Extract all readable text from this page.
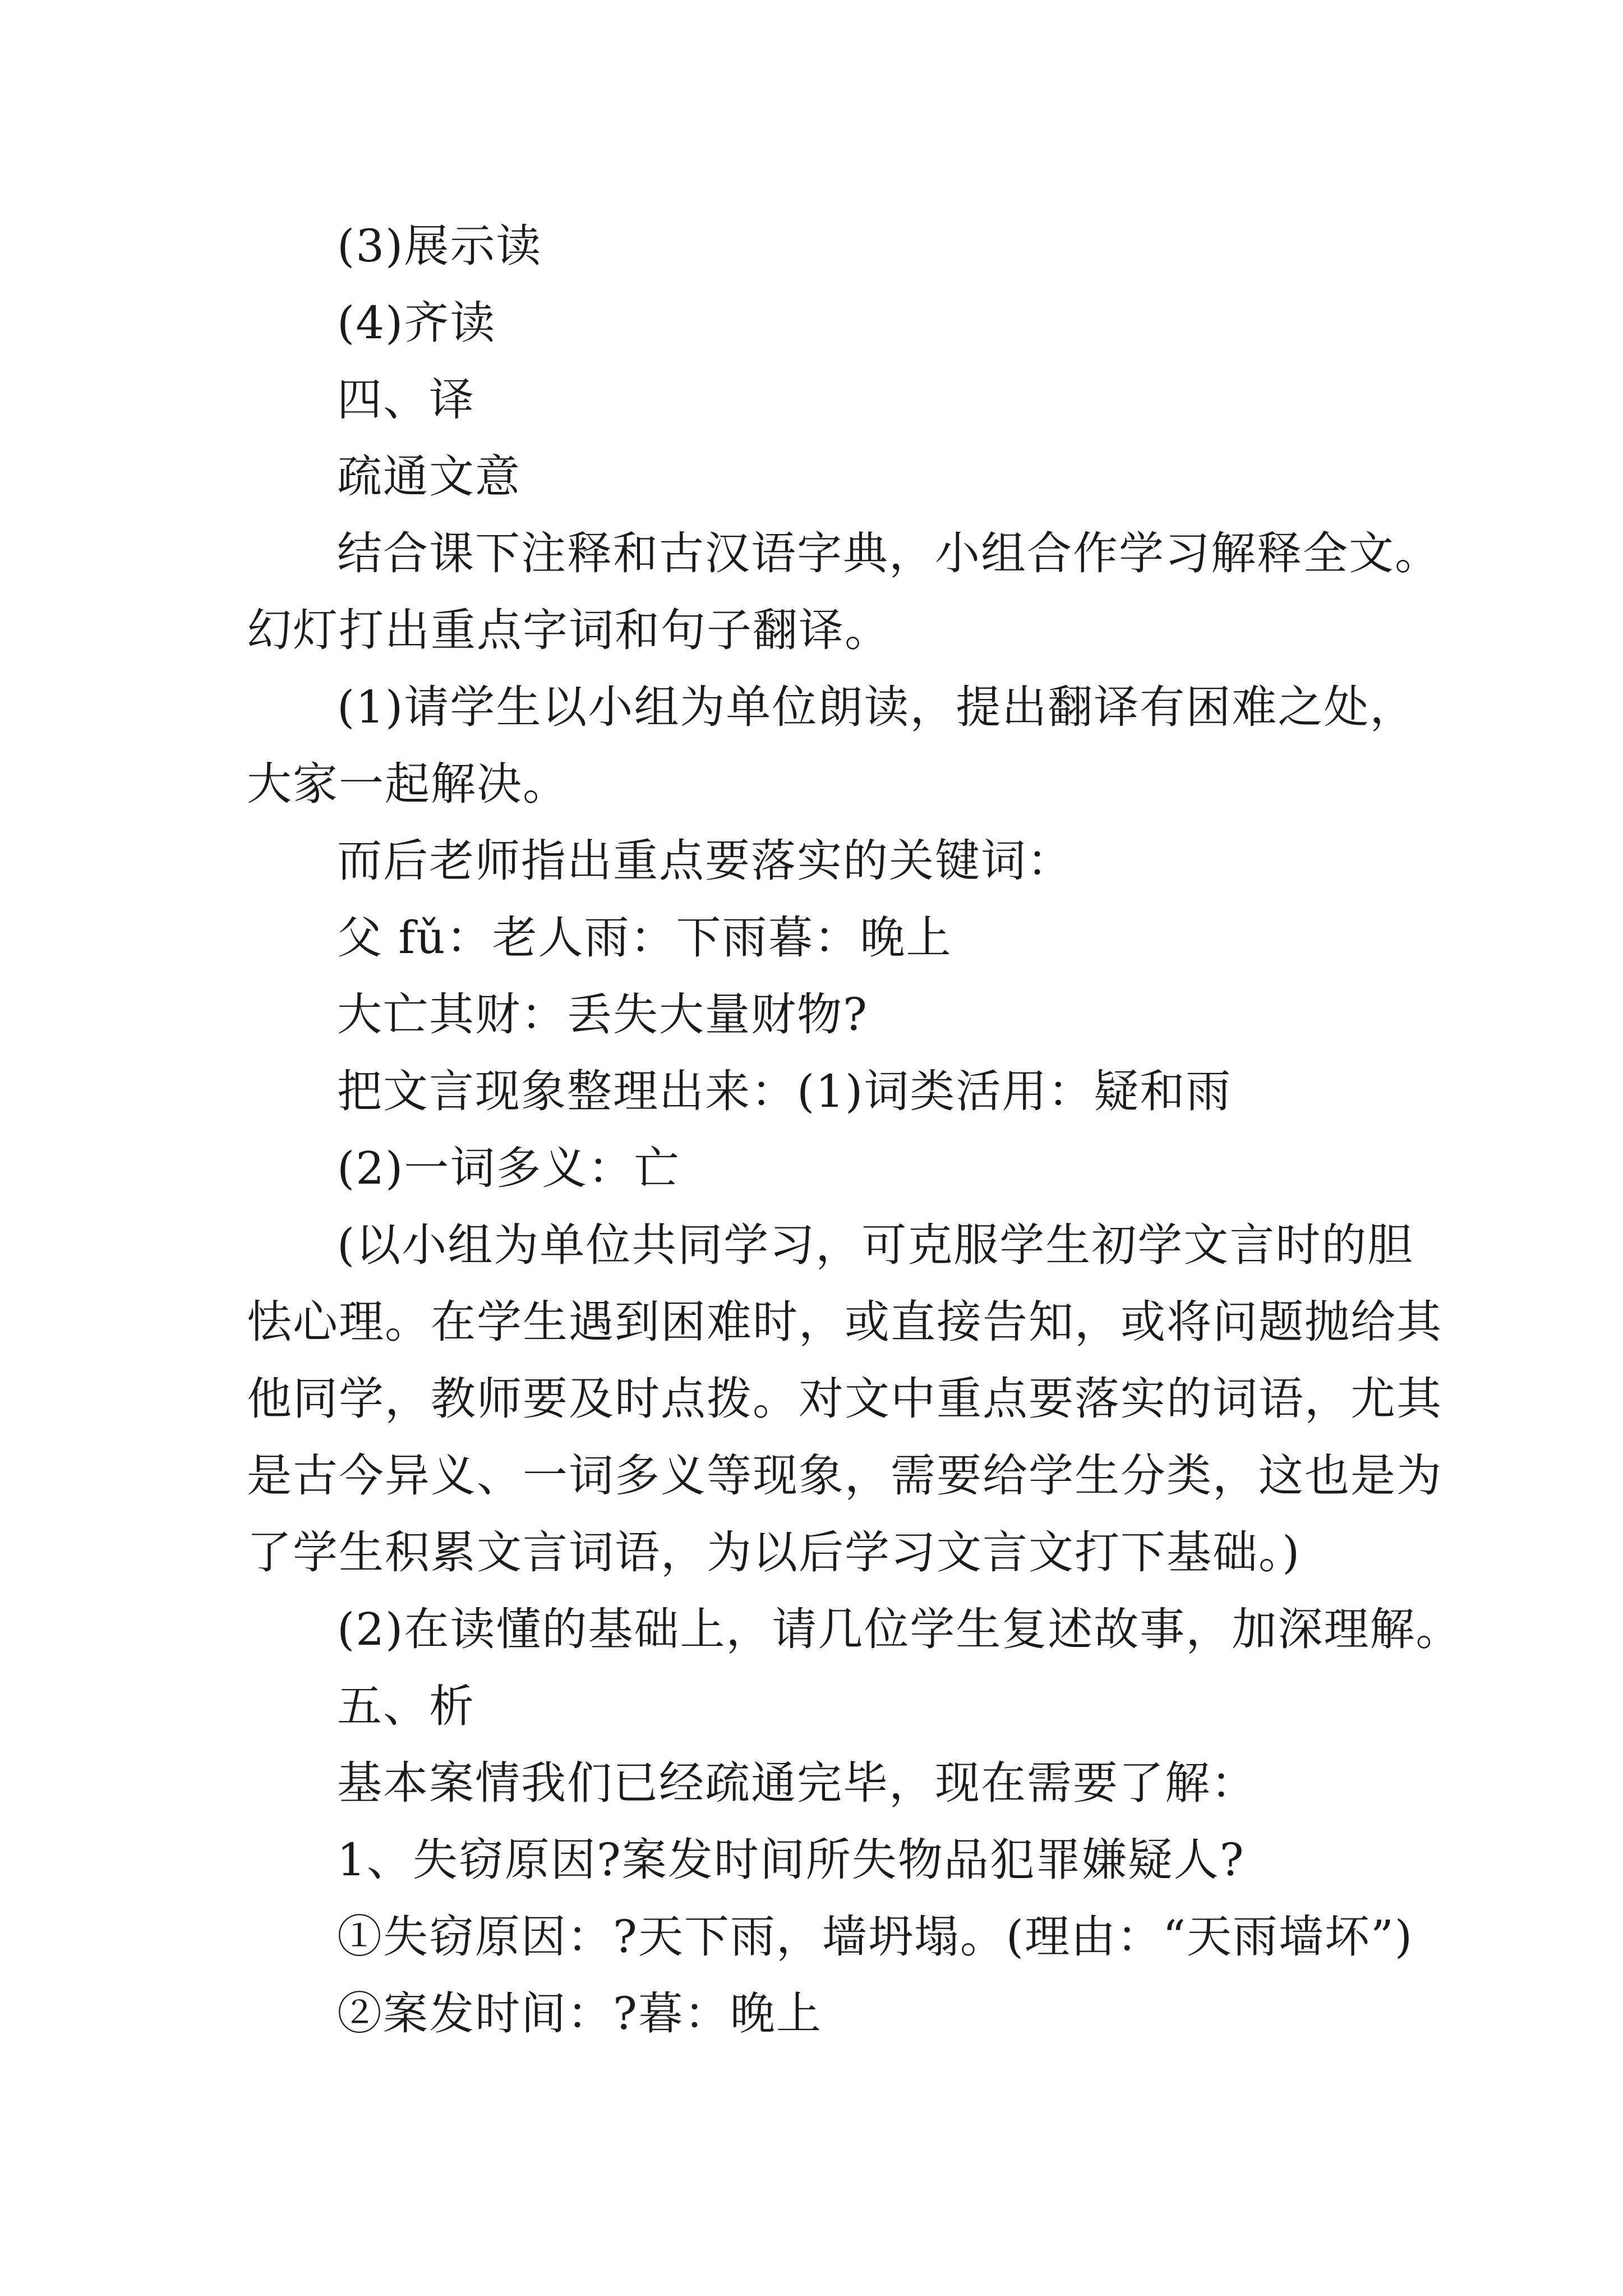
(3)展示读
(4)齐读
四、译
疏通文意
结合课下注释和古汉语字典，小组合作学习解释全文。
幻灯打出重点字词和句子翻译。
(1)请学生以小组为单位朗读，提出翻译有困难之处，
大家一起解决。
而后老师指出重点要落实的关键词：
父 fǔ：老人雨：下雨暮：晚上
大亡其财：丢失大量财物?
把文言现象整理出来：(1)词类活用：疑和雨
(2)一词多义：亡
(以小组为单位共同学习，可克服学生初学文言时的胆
怯心理。在学生遇到困难时，或直接告知，或将问题抛给其
他同学，教师要及时点拨。对文中重点要落实的词语，尤其
是古今异义、一词多义等现象，需要给学生分类，这也是为
了学生积累文言词语，为以后学习文言文打下基础。)
(2)在读懂的基础上，请几位学生复述故事，加深理解。
五、析
基本案情我们已经疏通完毕，现在需要了解：
1、失窃原因?案发时间所失物品犯罪嫌疑人?
①失窃原因：?天下雨，墙坍塌。(理由：“天雨墙坏”)
②案发时间：?暮：晚上
